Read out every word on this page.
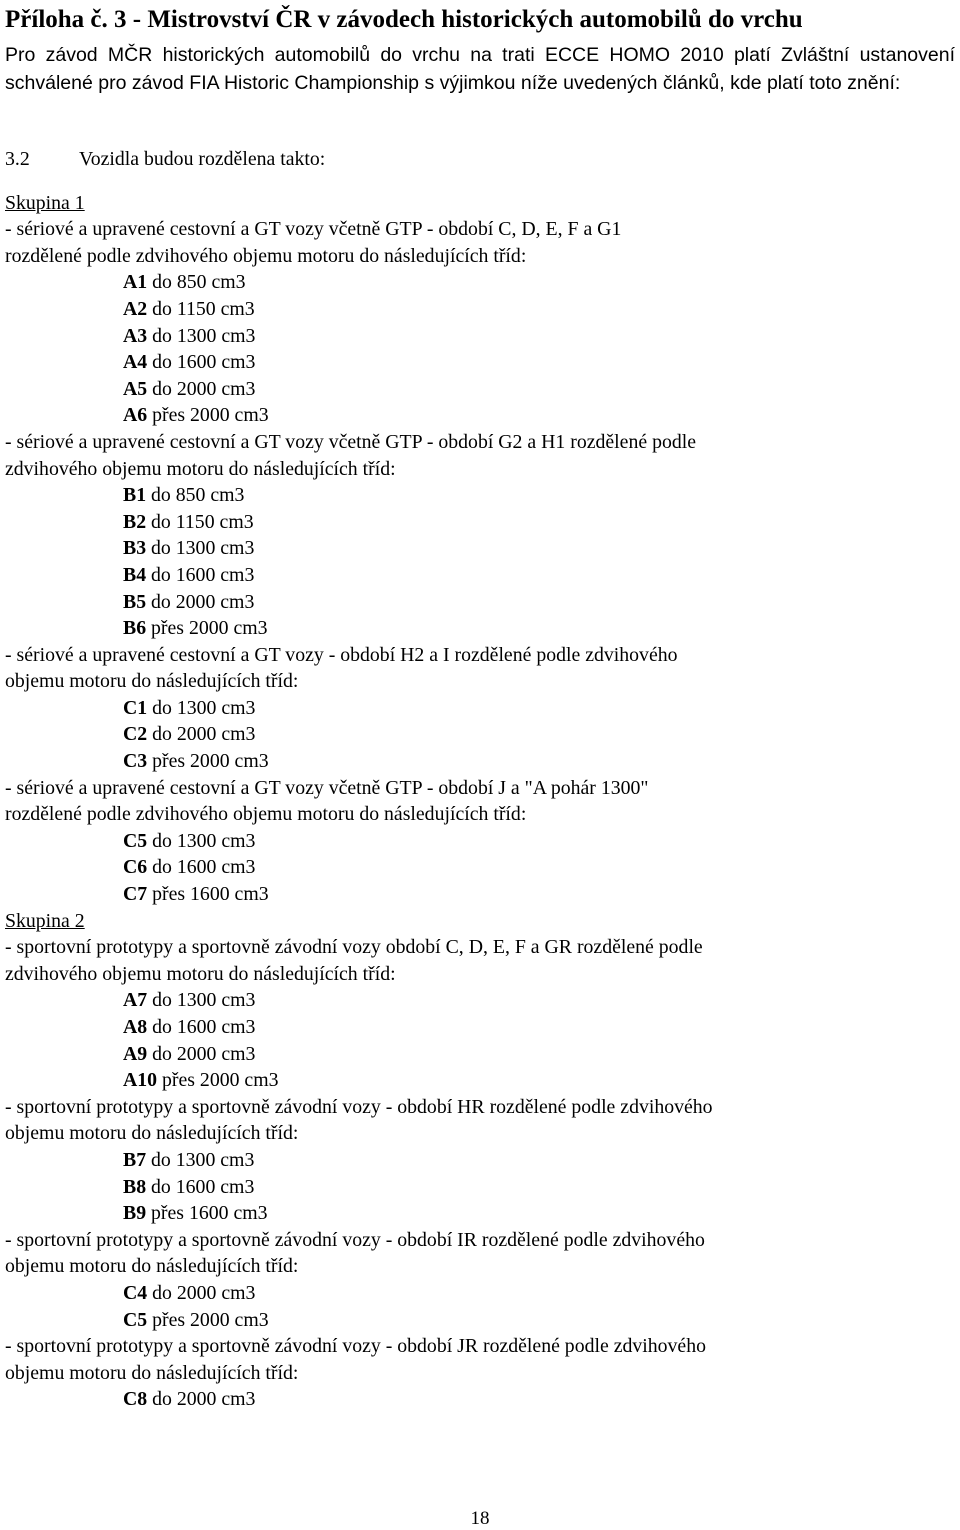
Příloha č. 3 - Mistrovství ČR v závodech historických automobilů do vrchu
Pro závod MČR historických automobilů do vrchu na trati ECCE HOMO 2010 platí Zvláštní ustanovení schválené pro závod FIA Historic Championship s výjimkou níže uvedených článků, kde platí toto znění:
3.2 Vozidla budou rozdělena takto:
Skupina 1
- sériové a upravené cestovní a GT vozy včetně GTP - období C, D, E, F a G1
rozdělené podle zdvihového objemu motoru do následujících tříd:
A1 do 850 cm3
A2 do 1150 cm3
A3 do 1300 cm3
A4 do 1600 cm3
A5 do 2000 cm3
A6 přes 2000 cm3
- sériové a upravené cestovní a GT vozy včetně GTP - období G2 a H1 rozdělené podle
zdvihového objemu motoru do následujících tříd:
B1 do 850 cm3
B2 do 1150 cm3
B3 do 1300 cm3
B4 do 1600 cm3
B5 do 2000 cm3
B6 přes 2000 cm3
- sériové a upravené cestovní a GT vozy - období H2 a I rozdělené podle zdvihového
objemu motoru do následujících tříd:
C1 do 1300 cm3
C2 do 2000 cm3
C3 přes 2000 cm3
- sériové a upravené cestovní a GT vozy včetně GTP - období J a "A pohár 1300"
rozdělené podle zdvihového objemu motoru do následujících tříd:
C5 do 1300 cm3
C6 do 1600 cm3
C7 přes 1600 cm3
Skupina 2
- sportovní prototypy a sportovně závodní vozy období C, D, E, F a GR rozdělené podle
zdvihového objemu motoru do následujících tříd:
A7 do 1300 cm3
A8 do 1600 cm3
A9 do 2000 cm3
A10 přes 2000 cm3
- sportovní prototypy a sportovně závodní vozy - období HR rozdělené podle zdvihového
objemu motoru do následujících tříd:
B7 do 1300 cm3
B8 do 1600 cm3
B9 přes 1600 cm3
- sportovní prototypy a sportovně závodní vozy - období IR rozdělené podle zdvihového
objemu motoru do následujících tříd:
C4 do 2000 cm3
C5 přes 2000 cm3
- sportovní prototypy a sportovně závodní vozy - období JR rozdělené podle zdvihového
objemu motoru do následujících tříd:
C8 do 2000 cm3
18
